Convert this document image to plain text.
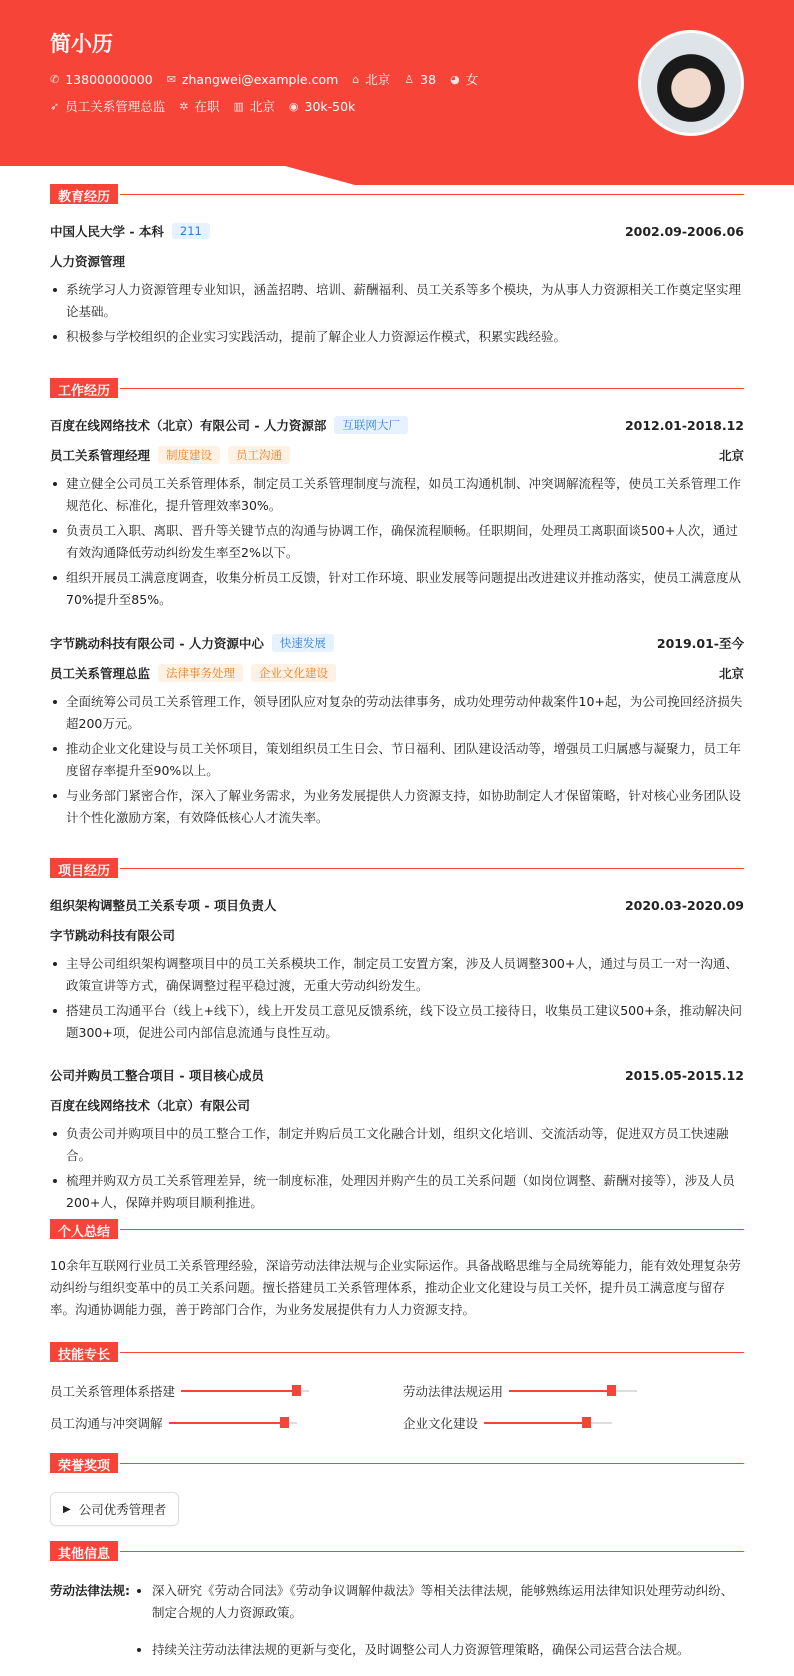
简小历
✆ 13800000000 ✉ zhangwei@example.com ⌂ 北京 ♙ 38 ◕ 女
➶ 员工关系管理总监 ✲ 在职 ▥ 北京 ◉ 30k-50k
教育经历
中国人民大学 - 本科	211	2002.09-2006.06
人力资源管理
系统学习人力资源管理专业知识，涵盖招聘、培训、薪酬福利、员工关系等多个模块，为从事人力资源相关工作奠定坚实理论基础。
积极参与学校组织的企业实习实践活动，提前了解企业人力资源运作模式，积累实践经验。
工作经历
百度在线网络技术（北京）有限公司 - 人力资源部	互联网大厂	2012.01-2018.12
员工关系管理经理	制度建设	员工沟通	北京
建立健全公司员工关系管理体系，制定员工关系管理制度与流程，如员工沟通机制、冲突调解流程等，使员工关系管理工作规范化、标准化，提升管理效率30%。
负责员工入职、离职、晋升等关键节点的沟通与协调工作，确保流程顺畅。任职期间，处理员工离职面谈500+人次，通过有效沟通降低劳动纠纷发生率至2%以下。
组织开展员工满意度调查，收集分析员工反馈，针对工作环境、职业发展等问题提出改进建议并推动落实，使员工满意度从70%提升至85%。
字节跳动科技有限公司 - 人力资源中心	快速发展	2019.01-至今
员工关系管理总监	法律事务处理	企业文化建设	北京
全面统筹公司员工关系管理工作，领导团队应对复杂的劳动法律事务，成功处理劳动仲裁案件10+起，为公司挽回经济损失超200万元。
推动企业文化建设与员工关怀项目，策划组织员工生日会、节日福利、团队建设活动等，增强员工归属感与凝聚力，员工年度留存率提升至90%以上。
与业务部门紧密合作，深入了解业务需求，为业务发展提供人力资源支持，如协助制定人才保留策略，针对核心业务团队设计个性化激励方案，有效降低核心人才流失率。
项目经历
组织架构调整员工关系专项 - 项目负责人	2020.03-2020.09
字节跳动科技有限公司
主导公司组织架构调整项目中的员工关系模块工作，制定员工安置方案，涉及人员调整300+人，通过与员工一对一沟通、政策宣讲等方式，确保调整过程平稳过渡，无重大劳动纠纷发生。
搭建员工沟通平台（线上+线下），线上开发员工意见反馈系统，线下设立员工接待日，收集员工建议500+条，推动解决问题300+项，促进公司内部信息流通与良性互动。
公司并购员工整合项目 - 项目核心成员	2015.05-2015.12
百度在线网络技术（北京）有限公司
负责公司并购项目中的员工整合工作，制定并购后员工文化融合计划，组织文化培训、交流活动等，促进双方员工快速融合。
梳理并购双方员工关系管理差异，统一制度标准，处理因并购产生的员工关系问题（如岗位调整、薪酬对接等），涉及人员200+人，保障并购项目顺利推进。
个人总结

10余年互联网行业员工关系管理经验，深谙劳动法律法规与企业实际运作。具备战略思维与全局统筹能力，能有效处理复杂劳动纠纷与组织变革中的员工关系问题。擅长搭建员工关系管理体系，推动企业文化建设与员工关怀，提升员工满意度与留存率。沟通协调能力强，善于跨部门合作，为业务发展提供有力人力资源支持。

技能专长
员工关系管理体系搭建	劳动法律法规运用
员工沟通与冲突调解	企业文化建设
荣誉奖项
▶ 公司优秀管理者
其他信息
劳动法律法规:	深入研究《劳动合同法》《劳动争议调解仲裁法》等相关法律法规，能够熟练运用法律知识处理劳动纠纷、制定合规的人力资源政策。
持续关注劳动法律法规的更新与变化，及时调整公司人力资源管理策略，确保公司运营合法合规。
